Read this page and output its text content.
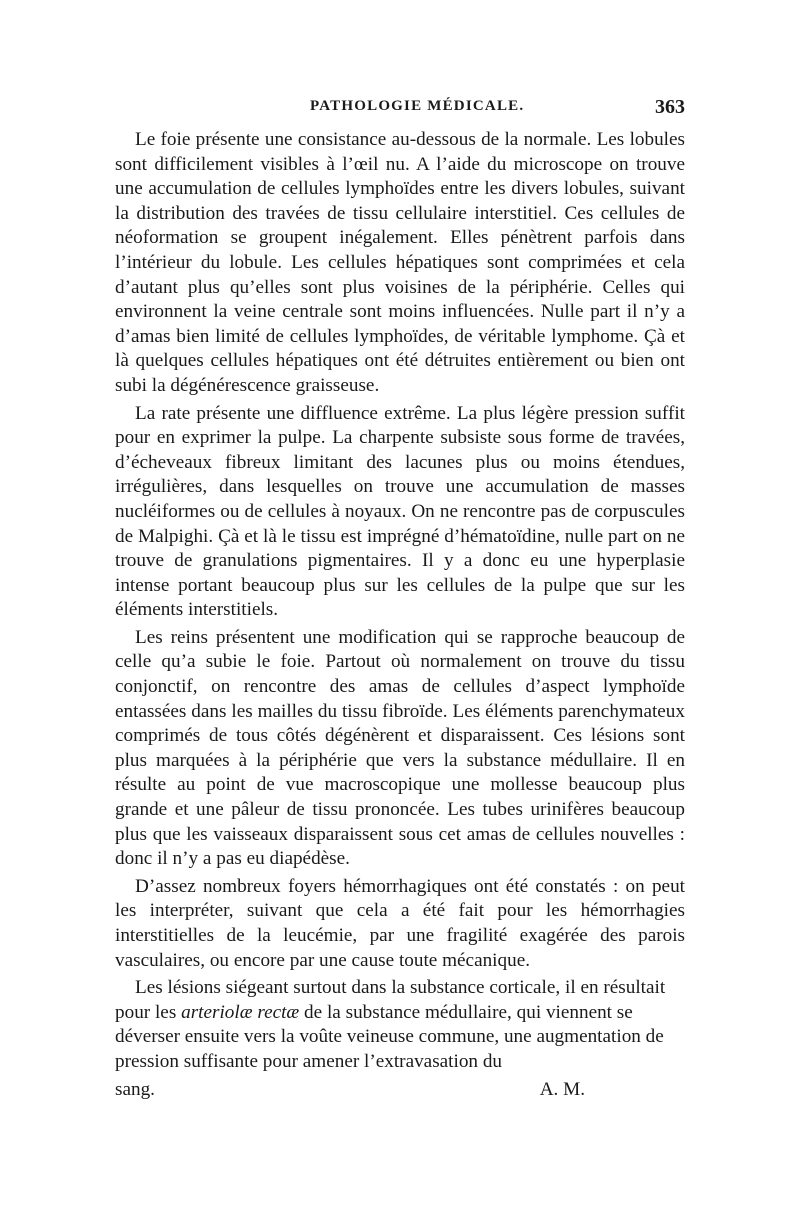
PATHOLOGIE MÉDICALE.	363

Le foie présente une consistance au-dessous de la normale. Les lobules sont difficilement visibles à l’œil nu. A l’aide du microscope on trouve une accumulation de cellules lymphoïdes entre les divers lobules, suivant la distribution des travées de tissu cellulaire interstitiel. Ces cellules de néoformation se groupent inégalement. Elles pénètrent parfois dans l’intérieur du lobule. Les cellules hépatiques sont comprimées et cela d’autant plus qu’elles sont plus voisines de la périphérie. Celles qui environnent la veine centrale sont moins influencées. Nulle part il n’y a d’amas bien limité de cellules lymphoïdes, de véritable lymphome. Çà et là quelques cellules hépatiques ont été détruites entièrement ou bien ont subi la dégénérescence graisseuse.

La rate présente une diffluence extrême. La plus légère pression suffit pour en exprimer la pulpe. La charpente subsiste sous forme de travées, d’écheveaux fibreux limitant des lacunes plus ou moins étendues, irrégulières, dans lesquelles on trouve une accumulation de masses nucléiformes ou de cellules à noyaux. On ne rencontre pas de corpuscules de Malpighi. Çà et là le tissu est imprégné d’hématoïdine, nulle part on ne trouve de granulations pigmentaires. Il y a donc eu une hyperplasie intense portant beaucoup plus sur les cellules de la pulpe que sur les éléments interstitiels.

Les reins présentent une modification qui se rapproche beaucoup de celle qu’a subie le foie. Partout où normalement on trouve du tissu conjonctif, on rencontre des amas de cellules d’aspect lymphoïde entassées dans les mailles du tissu fibroïde. Les éléments parenchymateux comprimés de tous côtés dégénèrent et disparaissent. Ces lésions sont plus marquées à la périphérie que vers la substance médullaire. Il en résulte au point de vue macroscopique une mollesse beaucoup plus grande et une pâleur de tissu prononcée. Les tubes urinifères beaucoup plus que les vaisseaux disparaissent sous cet amas de cellules nouvelles : donc il n’y a pas eu diapédèse.

D’assez nombreux foyers hémorrhagiques ont été constatés : on peut les interpréter, suivant que cela a été fait pour les hémorrhagies interstitielles de la leucémie, par une fragilité exagérée des parois vasculaires, ou encore par une cause toute mécanique.

Les lésions siégeant surtout dans la substance corticale, il en résultait pour les arteriolæ rectæ de la substance médullaire, qui viennent se déverser ensuite vers la voûte veineuse commune, une augmentation de pression suffisante pour amener l’extravasation du

sang.	A. M.
